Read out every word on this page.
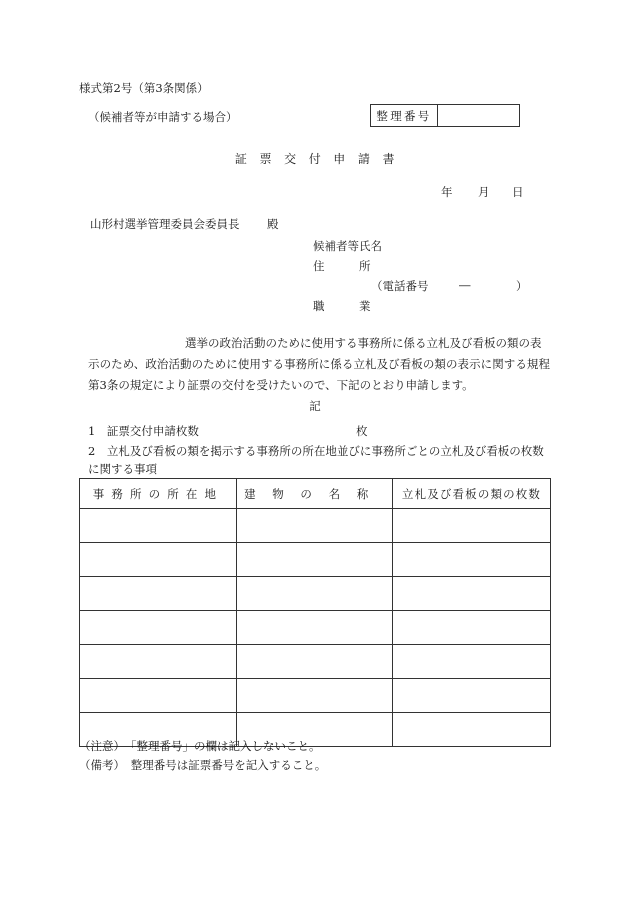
様式第2号（第3条関係）
（候補者等が申請する場合）	整理番号
証票交付申請書
年 月 日
山形村選挙管理委員会委員長 殿
候補者等氏名
住　　　所
（電話番号	―	）
職　　　業
選挙の政治活動のために使用する事務所に係る立札及び看板の類の表
示のため、政治活動のために使用する事務所に係る立札及び看板の類の表示に関する規程第3条の規定により証票の交付を受けたいので、下記のとおり申請します。
記
1　証票交付申請枚数	枚
2　立札及び看板の類を掲示する事務所の所在地並びに事務所ごとの立札及び看板の枚数に関する事項
事務所の所在地	建物の名称	立札及び看板の類の枚数

（注意）　「整理番号」の欄は記入しないこと。
（備考）　整理番号は証票番号を記入すること。
